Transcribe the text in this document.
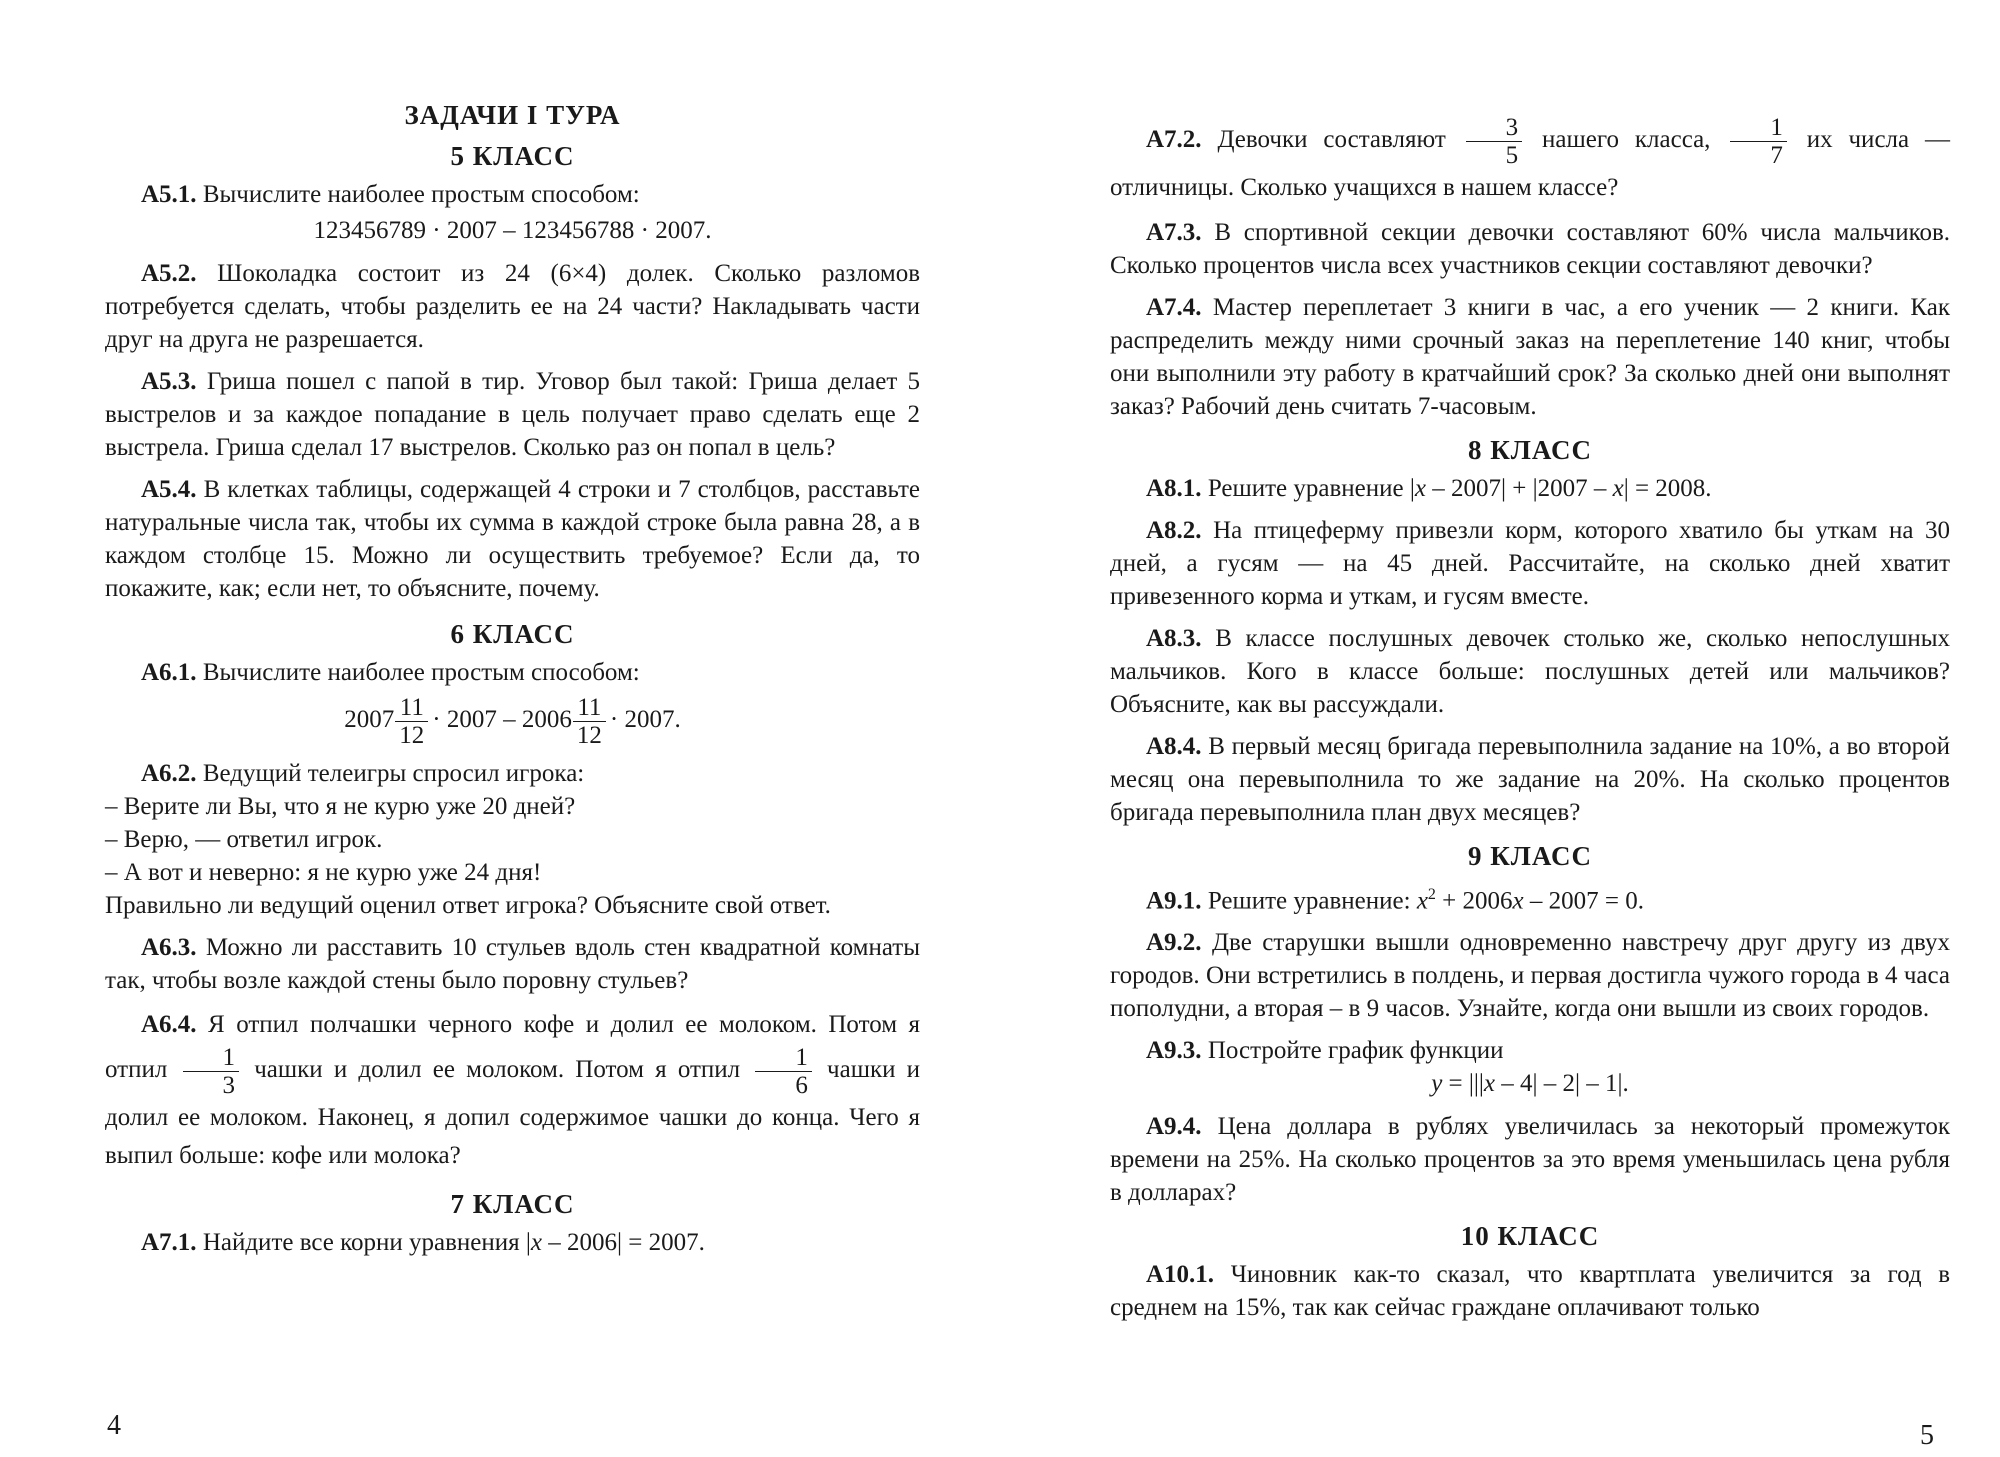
ЗАДАЧИ I ТУРА
5 КЛАСС

А5.1. Вычислите наиболее простым способом:

123456789 · 2007 – 123456788 · 2007.

А5.2. Шоколадка состоит из 24 (6×4) долек. Сколько разломов потребуется сделать, чтобы разделить ее на 24 части? Накладывать части друг на друга не разрешается.

А5.3. Гриша пошел с папой в тир. Уговор был такой: Гриша делает 5 выстрелов и за каждое попадание в цель получает право сделать еще 2 выстрела. Гриша сделал 17 выстрелов. Сколько раз он попал в цель?

А5.4. В клетках таблицы, содержащей 4 строки и 7 столбцов, расставьте натуральные числа так, чтобы их сумма в каждой строке была равна 28, а в каждом столбце 15. Можно ли осуществить требуемое? Если да, то покажите, как; если нет, то объясните, почему.

6 КЛАСС

А6.1. Вычислите наиболее простым способом:

$2007 \frac{11}{12} \cdot 2007 - 2006 \frac{11}{12} \cdot 2007$.

А6.2. Ведущий телеигры спросил игрока:

– Верите ли Вы, что я не курю уже 20 дней?
– Верю, — ответил игрок.
– А вот и неверно: я не курю уже 24 дня!

Правильно ли ведущий оценил ответ игрока? Объясните свой ответ.

А6.3. Можно ли расставить 10 стульев вдоль стен квадратной комнаты так, чтобы возле каждой стены было поровну стульев?

А6.4. Я отпил полчашки черного кофе и долил ее молоком. Потом я отпил $\frac{1}{3}$ чашки и долил ее молоком. Потом я отпил $\frac{1}{6}$ чашки и долил ее молоком. Наконец, я допил содержимое чашки до конца. Чего я выпил больше: кофе или молока?

7 КЛАСС

А7.1. Найдите все корни уравнения |x – 2006| = 2007.

4

А7.2. Девочки составляют $\frac{3}{5}$ нашего класса, $\frac{1}{7}$ их числа — отличницы. Сколько учащихся в нашем классе?

А7.3. В спортивной секции девочки составляют 60% числа мальчиков. Сколько процентов числа всех участников секции составляют девочки?

А7.4. Мастер переплетает 3 книги в час, а его ученик — 2 книги. Как распределить между ними срочный заказ на переплетение 140 книг, чтобы они выполнили эту работу в кратчайший срок? За сколько дней они выполнят заказ? Рабочий день считать 7-часовым.

8 КЛАСС

А8.1. Решите уравнение |x – 2007| + |2007 – x| = 2008.

А8.2. На птицеферму привезли корм, которого хватило бы уткам на 30 дней, а гусям — на 45 дней. Рассчитайте, на сколько дней хватит привезенного корма и уткам, и гусям вместе.

А8.3. В классе послушных девочек столько же, сколько непослушных мальчиков. Кого в классе больше: послушных детей или мальчиков? Объясните, как вы рассуждали.

А8.4. В первый месяц бригада перевыполнила задание на 10%, а во второй месяц она перевыполнила то же задание на 20%. На сколько процентов бригада перевыполнила план двух месяцев?

9 КЛАСС

А9.1. Решите уравнение: $x^2 + 2006x - 2007 = 0$.

А9.2. Две старушки вышли одновременно навстречу друг другу из двух городов. Они встретились в полдень, и первая достигла чужого города в 4 часа пополудни, а вторая – в 9 часов. Узнайте, когда они вышли из своих городов.

А9.3. Постройте график функции

y = |||x – 4| – 2| – 1|.

А9.4. Цена доллара в рублях увеличилась за некоторый промежуток времени на 25%. На сколько процентов за это время уменьшилась цена рубля в долларах?

10 КЛАСС

А10.1. Чиновник как-то сказал, что квартплата увеличится за год в среднем на 15%, так как сейчас граждане оплачивают только

5
